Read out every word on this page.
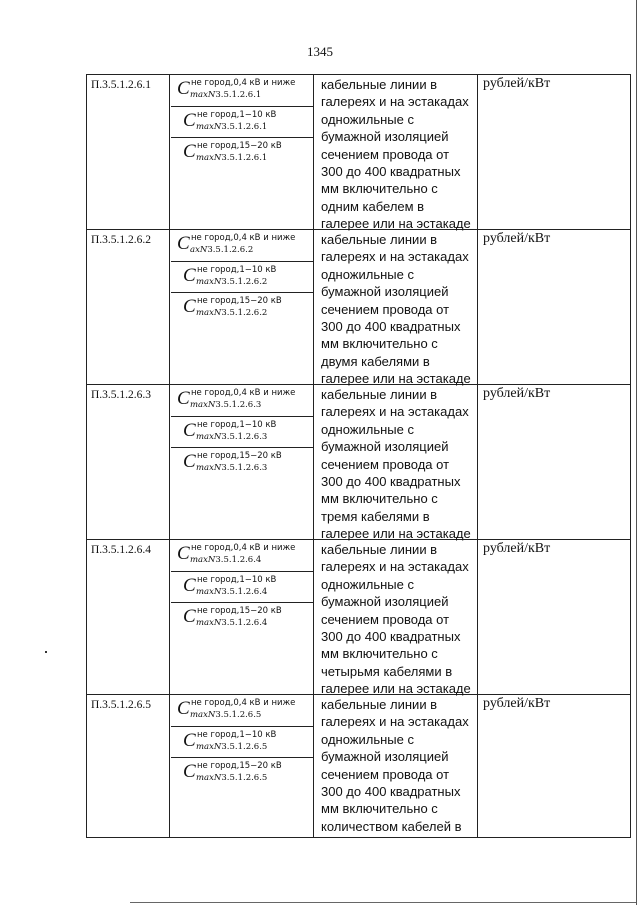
1345
П.3.5.1.2.6.1 C не город,0,4 кВ и ниже
maxN3.5.1.2.6.1
C не город,1−10 кВ
maxN3.5.1.2.6.1
C не город,15−20 кВ
maxN3.5.1.2.6.1
кабельные линии в
галереях и на эстакадах
одножильные с
бумажной изоляцией
сечением провода от
300 до 400 квадратных
мм включительно с
одним кабелем в
галерее или на эстакаде
рублей/кВт
П.3.5.1.2.6.2 C не город,0,4 кВ и ниже
axN3.5.1.2.6.2
C не город,1−10 кВ
maxN3.5.1.2.6.2
C не город,15−20 кВ
maxN3.5.1.2.6.2
кабельные линии в
галереях и на эстакадах
одножильные с
бумажной изоляцией
сечением провода от
300 до 400 квадратных
мм включительно с
двумя кабелями в
галерее или на эстакаде
рублей/кВт
П.3.5.1.2.6.3 C не город,0,4 кВ и ниже
maxN3.5.1.2.6.3
C не город,1−10 кВ
maxN3.5.1.2.6.3
C не город,15−20 кВ
maxN3.5.1.2.6.3
кабельные линии в
галереях и на эстакадах
одножильные с
бумажной изоляцией
сечением провода от
300 до 400 квадратных
мм включительно с
тремя кабелями в
галерее или на эстакаде
рублей/кВт
П.3.5.1.2.6.4 C не город,0,4 кВ и ниже
maxN3.5.1.2.6.4
C не город,1−10 кВ
maxN3.5.1.2.6.4
C не город,15−20 кВ
maxN3.5.1.2.6.4
кабельные линии в
галереях и на эстакадах
одножильные с
бумажной изоляцией
сечением провода от
300 до 400 квадратных
мм включительно с
четырьмя кабелями в
галерее или на эстакаде
рублей/кВт
П.3.5.1.2.6.5 C не город,0,4 кВ и ниже
maxN3.5.1.2.6.5
C не город,1−10 кВ
maxN3.5.1.2.6.5
C не город,15−20 кВ
maxN3.5.1.2.6.5
кабельные линии в
галереях и на эстакадах
одножильные с
бумажной изоляцией
сечением провода от
300 до 400 квадратных
мм включительно с
количеством кабелей в
рублей/кВт
